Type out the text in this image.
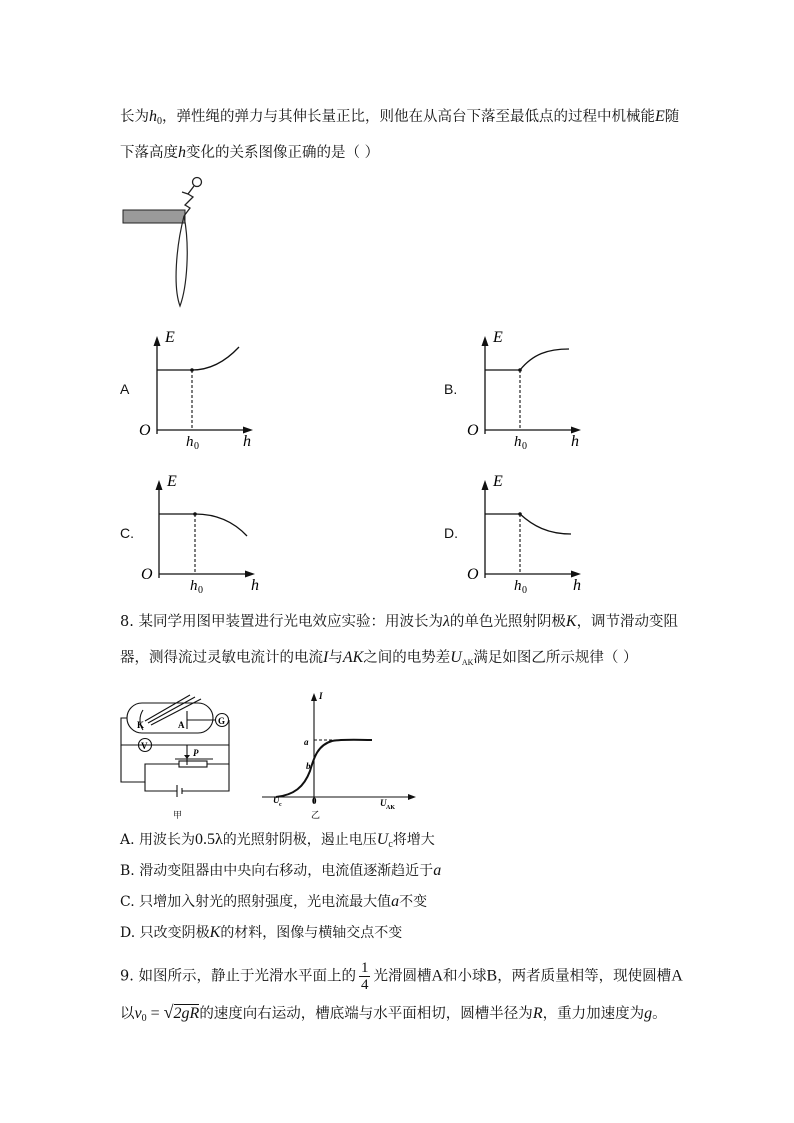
长为$h_0$，弹性绳的弹力与其伸长量正比，则他在从高台下落至最低点的过程中机械能E随
下落高度h变化的关系图像正确的是（ ）
A
E
O
h 0	h
B.
E
O
h 0	h
C.
E
O
h 0	h
D.
E
O
h 0	h
8. 某同学用图甲装置进行光电效应实验：用波长为λ的单色光照射阴极K，调节滑动变阻
器，测得流过灵敏电流计的电流I与AK之间的电势差$U_{AK}$满足如图乙所示规律（ ）
K	A	G
V
P
甲
I
a
b
U c	0	U AK
乙
A. 用波长为0.5λ的光照射阴极，遏止电压$U_c$将增大
B. 滑动变阻器由中央向右移动，电流值逐渐趋近于a
C. 只增加入射光的照射强度，光电流最大值a不变
D. 只改变阴极K的材料，图像与横轴交点不变
9. 如图所示，静止于光滑水平面上的 $\frac{1}{4}$ 光滑圆槽A和小球B，两者质量相等，现使圆槽A
以$v_0 = √2gR$的速度向右运动，槽底端与水平面相切，圆槽半径为R，重力加速度为g。
